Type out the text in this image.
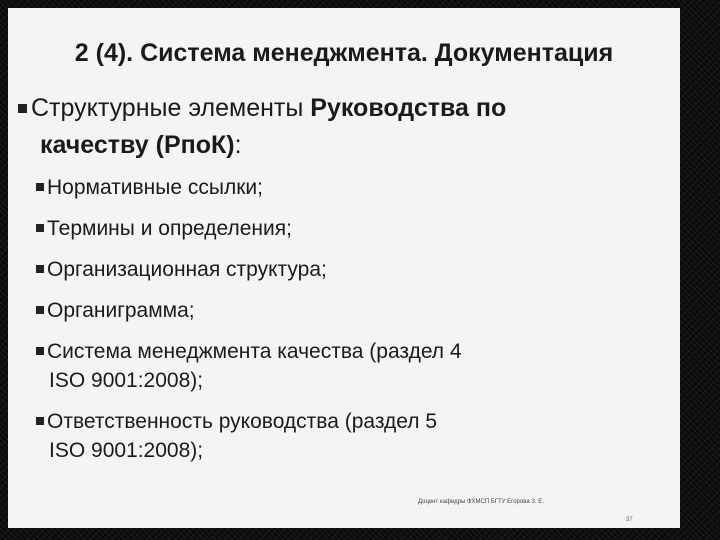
2 (4). Система менеджмента. Документация
Структурные элементы Руководства по
качеству (РпоК):
Нормативные ссылки;
Термины и определения;
Организационная структура;
Органиграмма;
Система менеджмента качества (раздел 4
ISO 9001:2008);
Ответственность руководства (раздел 5
ISO 9001:2008);
Доцент кафедры ФХМСП БГТУ Егорова З. Е.
37
